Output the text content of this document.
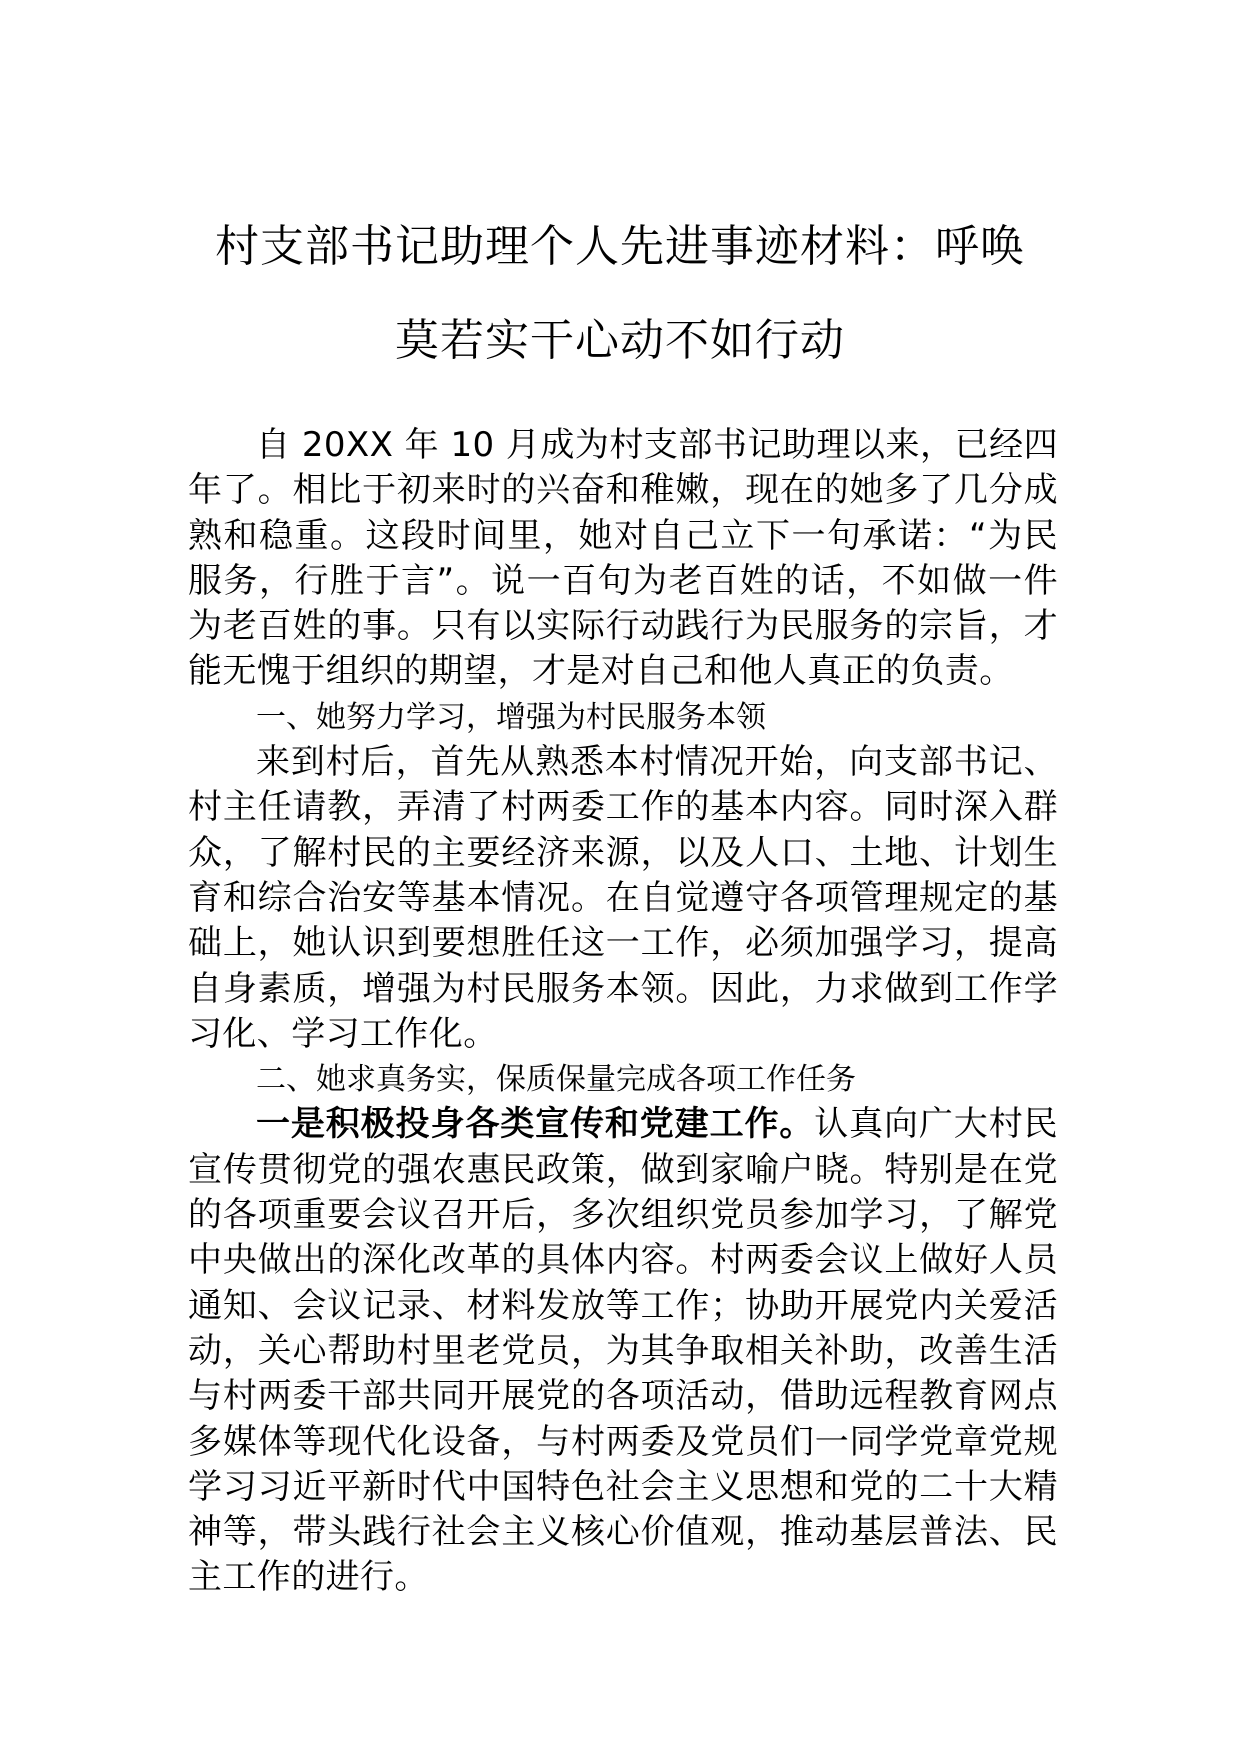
村支部书记助理个人先进事迹材料：呼唤
莫若实干心动不如行动

自 20XX 年 10 月成为村支部书记助理以来，已经四年了。相比于初来时的兴奋和稚嫩，现在的她多了几分成熟和稳重。这段时间里，她对自己立下一句承诺：“为民服务，行胜于言”。说一百句为老百姓的话，不如做一件为老百姓的事。只有以实际行动践行为民服务的宗旨，才能无愧于组织的期望，才是对自己和他人真正的负责。

一、她努力学习，增强为村民服务本领

来到村后，首先从熟悉本村情况开始，向支部书记、村主任请教，弄清了村两委工作的基本内容。同时深入群众，了解村民的主要经济来源，以及人口、土地、计划生育和综合治安等基本情况。在自觉遵守各项管理规定的基础上，她认识到要想胜任这一工作，必须加强学习，提高自身素质，增强为村民服务本领。因此，力求做到工作学习化、学习工作化。

二、她求真务实，保质保量完成各项工作任务

一是积极投身各类宣传和党建工作。认真向广大村民宣传贯彻党的强农惠民政策，做到家喻户晓。特别是在党的各项重要会议召开后，多次组织党员参加学习，了解党中央做出的深化改革的具体内容。村两委会议上做好人员通知、会议记录、材料发放等工作；协助开展党内关爱活动，关心帮助村里老党员，为其争取相关补助，改善生活与村两委干部共同开展党的各项活动，借助远程教育网点多媒体等现代化设备，与村两委及党员们一同学党章党规学习习近平新时代中国特色社会主义思想和党的二十大精神等，带头践行社会主义核心价值观，推动基层普法、民主工作的进行。
